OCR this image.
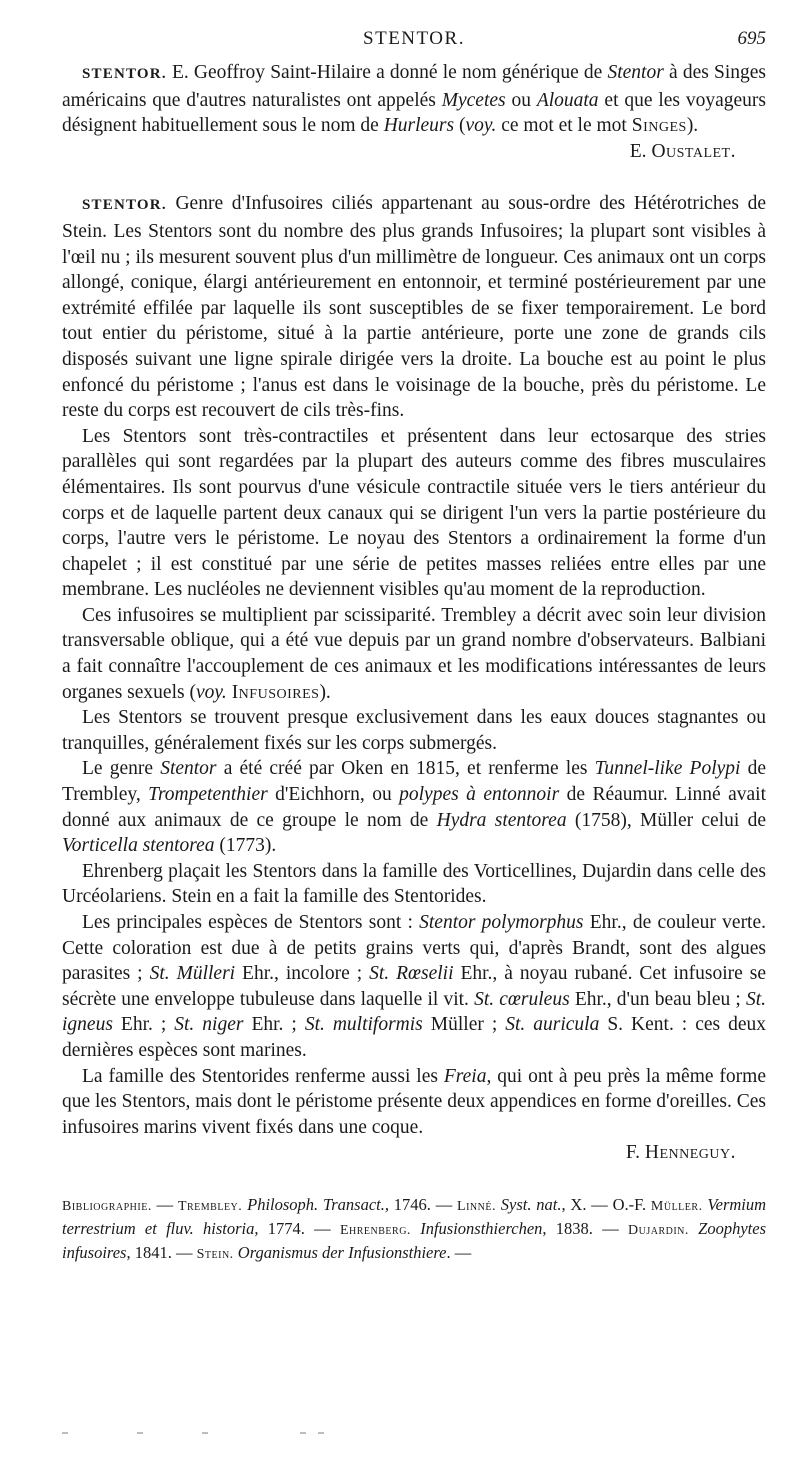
STENTOR.	695

STENTOR. E. Geoffroy Saint-Hilaire a donné le nom générique de Stentor à des Singes américains que d'autres naturalistes ont appelés Mycetes ou Alouata et que les voyageurs désignent habituellement sous le nom de Hurleurs (voy. ce mot et le mot Singes).

E. Oustalet.

STENTOR. Genre d'Infusoires ciliés appartenant au sous-ordre des Hétérotriches de Stein. Les Stentors sont du nombre des plus grands Infusoires; la plupart sont visibles à l'œil nu ; ils mesurent souvent plus d'un millimètre de longueur. Ces animaux ont un corps allongé, conique, élargi antérieurement en entonnoir, et terminé postérieurement par une extrémité effilée par laquelle ils sont susceptibles de se fixer temporairement. Le bord tout entier du péristome, situé à la partie antérieure, porte une zone de grands cils disposés suivant une ligne spirale dirigée vers la droite. La bouche est au point le plus enfoncé du péristome ; l'anus est dans le voisinage de la bouche, près du péristome. Le reste du corps est recouvert de cils très-fins.

Les Stentors sont très-contractiles et présentent dans leur ectosarque des stries parallèles qui sont regardées par la plupart des auteurs comme des fibres musculaires élémentaires. Ils sont pourvus d'une vésicule contractile située vers le tiers antérieur du corps et de laquelle partent deux canaux qui se dirigent l'un vers la partie postérieure du corps, l'autre vers le péristome. Le noyau des Stentors a ordinairement la forme d'un chapelet ; il est constitué par une série de petites masses reliées entre elles par une membrane. Les nucléoles ne deviennent visibles qu'au moment de la reproduction.

Ces infusoires se multiplient par scissiparité. Trembley a décrit avec soin leur division transversable oblique, qui a été vue depuis par un grand nombre d'observateurs. Balbiani a fait connaître l'accouplement de ces animaux et les modifications intéressantes de leurs organes sexuels (voy. Infusoires).

Les Stentors se trouvent presque exclusivement dans les eaux douces stagnantes ou tranquilles, généralement fixés sur les corps submergés.

Le genre Stentor a été créé par Oken en 1815, et renferme les Tunnel-like Polypi de Trembley, Trompetenthier d'Eichhorn, ou polypes à entonnoir de Réaumur. Linné avait donné aux animaux de ce groupe le nom de Hydra stentorea (1758), Müller celui de Vorticella stentorea (1773).

Ehrenberg plaçait les Stentors dans la famille des Vorticellines, Dujardin dans celle des Urcéolariens. Stein en a fait la famille des Stentorides.

Les principales espèces de Stentors sont : Stentor polymorphus Ehr., de couleur verte. Cette coloration est due à de petits grains verts qui, d'après Brandt, sont des algues parasites ; St. Mülleri Ehr., incolore ; St. Rœselii Ehr., à noyau rubané. Cet infusoire se sécrète une enveloppe tubuleuse dans laquelle il vit. St. cœruleus Ehr., d'un beau bleu ; St. igneus Ehr. ; St. niger Ehr. ; St. multiformis Müller ; St. auricula S. Kent. : ces deux dernières espèces sont marines.

La famille des Stentorides renferme aussi les Freia, qui ont à peu près la même forme que les Stentors, mais dont le péristome présente deux appendices en forme d'oreilles. Ces infusoires marins vivent fixés dans une coque.

F. Henneguy.

Bibliographie. — Trembley. Philosoph. Transact., 1746. — Linné. Syst. nat., X. — O.-F. Müller. Vermium terrestrium et fluv. historia, 1774. — Ehrenberg. Infusionsthierchen, 1838. — Dujardin. Zoophytes infusoires, 1841. — Stein. Organismus der Infusionsthiere. —
